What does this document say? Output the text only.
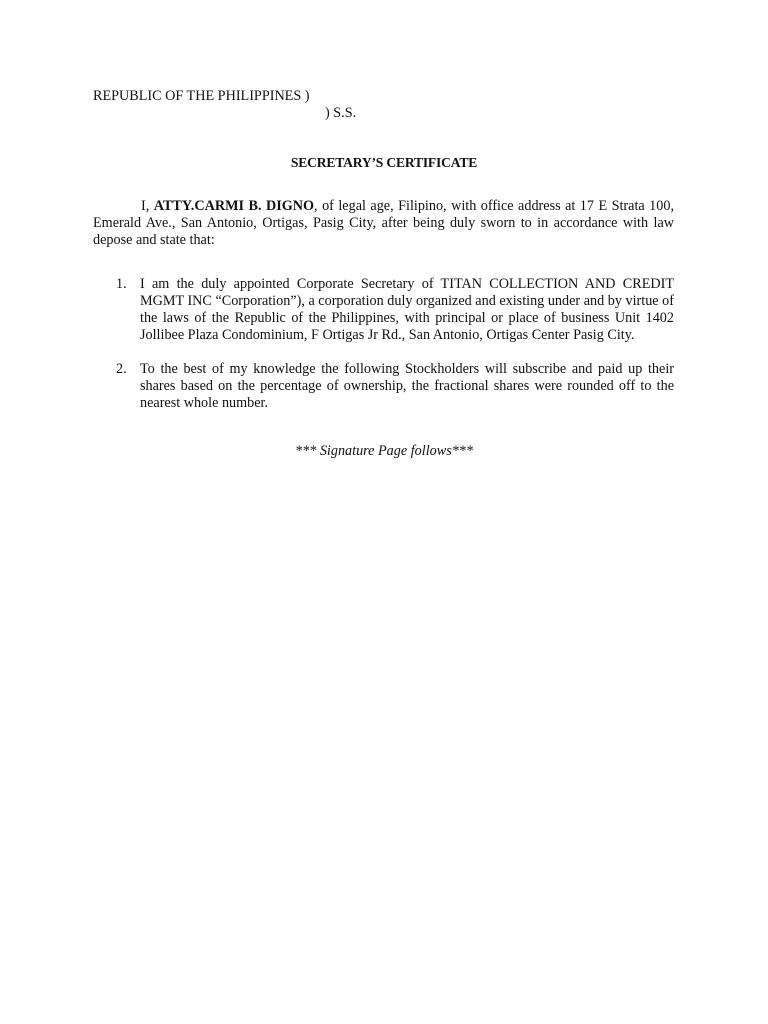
REPUBLIC OF THE PHILIPPINES )
) S.S.
SECRETARY’S CERTIFICATE

I, ATTY.CARMI B. DIGNO, of legal age, Filipino, with office address at 17 E Strata 100, Emerald Ave., San Antonio, Ortigas, Pasig City, after being duly sworn to in accordance with law depose and state that:

1. I am the duly appointed Corporate Secretary of TITAN COLLECTION AND CREDIT MGMT INC “Corporation”), a corporation duly organized and existing under and by virtue of the laws of the Republic of the Philippines, with principal or place of business Unit 1402 Jollibee Plaza Condominium, F Ortigas Jr Rd., San Antonio, Ortigas Center Pasig City.
2. To the best of my knowledge the following Stockholders will subscribe and paid up their shares based on the percentage of ownership, the fractional shares were rounded off to the nearest whole number.
*** Signature Page follows***
